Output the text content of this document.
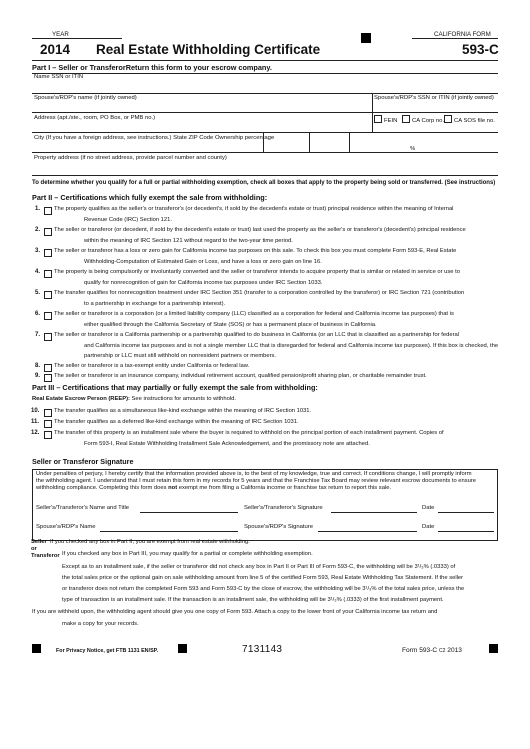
YEAR	CALIFORNIA FORM
2014 Real Estate Withholding Certificate	593-C
Part I – Seller or TransferorReturn this form to your escrow company.
Name SSN or ITIN
Spouse's/RDP's name (if jointly owned)	Spouse's/RDP's SSN or ITIN (if jointly owned)
Address (apt./ste., room, PO Box, or PMB no.)	FEIN	CA Corp no.	CA SOS file no.
City (If you have a foreign address, see instructions.) State ZIP Code Ownership percentage
%
Property address (if no street address, provide parcel number and county)
To determine whether you qualify for a full or partial withholding exemption, check all boxes that apply to the property being sold or transferred. (See instructions)
Part II – Certifications which fully exempt the sale from withholding:
1. The property qualifies as the seller's or transferor's (or decedent's, if sold by the decedent's estate or trust) principal residence within the meaning of Internal
Revenue Code (IRC) Section 121.
2. The seller or transferor (or decedent, if sold by the decedent's estate or trust) last used the property as the seller's or transferor's (decedent's) principal residence
within the meaning of IRC Section 121 without regard to the two-year time period.
3. The seller or transferor has a loss or zero gain for California income tax purposes on this sale. To check this box you must complete Form 593-E, Real Estate
Withholding-Computation of Estimated Gain or Loss, and have a loss or zero gain on line 16.
4. The property is being compulsorily or involuntarily converted and the seller or transferor intends to acquire property that is similar or related in service or use to
qualify for nonrecognition of gain for California income tax purposes under IRC Section 1033.
5. The transfer qualifies for nonrecognition treatment under IRC Section 351 (transfer to a corporation controlled by the transferor) or IRC Section 721 (contribution
to a partnership in exchange for a partnership interest).
6. The seller or transferor is a corporation (or a limited liability company (LLC) classified as a corporation for federal and California income tax purposes) that is
either qualified through the California Secretary of State (SOS) or has a permanent place of business in California.
7. The seller or transferor is a California partnership or a partnership qualified to do business in California (or an LLC that is classified as a partnership for federal
and California income tax purposes and is not a single member LLC that is disregarded for federal and California income tax purposes). If this box is checked, the
partnership or LLC must still withhold on nonresident partners or members.
8. The seller or transferor is a tax-exempt entity under California or federal law.
9. The seller or transferor is an insurance company, individual retirement account, qualified pension/profit sharing plan, or charitable remainder trust.
Part III – Certifications that may partially or fully exempt the sale from withholding:
Real Estate Escrow Person (REEP): See instructions for amounts to withhold.
10.	The transfer qualifies as a simultaneous like-kind exchange within the meaning of IRC Section 1031.
11.	The transfer qualifies as a deferred like-kind exchange within the meaning of IRC Section 1031.
12.	The transfer of this property is an installment sale where the buyer is required to withhold on the principal portion of each installment payment. Copies of
Form 593-I, Real Estate Withholding Installment Sale Acknowledgement, and the promissory note are attached.
Seller or Transferor Signature
Under penalties of perjury, I hereby certify that the information provided above is, to the best of my knowledge, true and correct. If conditions change, I will promptly inform
the withholding agent. I understand that I must retain this form in my records for 5 years and that the Franchise Tax Board may review relevant escrow documents to ensure
withholding compliance. Completing this form does not exempt me from filing a California income or franchise tax return to report this sale.
Seller's/Transferor's Name and Title	Seller's/Transferor's Signature	Date
Spouse's/RDP's Name	Spouse's/RDP's Signature	Date
Seller
or
Transferor
If you checked any box in Part II, you are exempt from real estate withholding.
If you checked any box in Part III, you may qualify for a partial or complete withholding exemption.
Except as to an installment sale, if the seller or transferor did not check any box in Part II or Part III of Form 593-C, the withholding will be 3¹/₃% (.0333) of
the total sales price or the optional gain on sale withholding amount from line 5 of the certified Form 593, Real Estate Withholding Tax Statement. If the seller
or transferor does not return the completed Form 593 and Form 593-C by the close of escrow, the withholding will be 3¹/₃% of the total sales price, unless the
type of transaction is an installment sale. If the transaction is an installment sale, the withholding will be 3¹/₃% (.0333) of the first installment payment.
If you are withheld upon, the withholding agent should give you one copy of Form 593. Attach a copy to the lower front of your California income tax return and
make a copy for your records.
For Privacy Notice, get FTB 1131 EN/SP.	7131143	Form 593-C C2 2013
